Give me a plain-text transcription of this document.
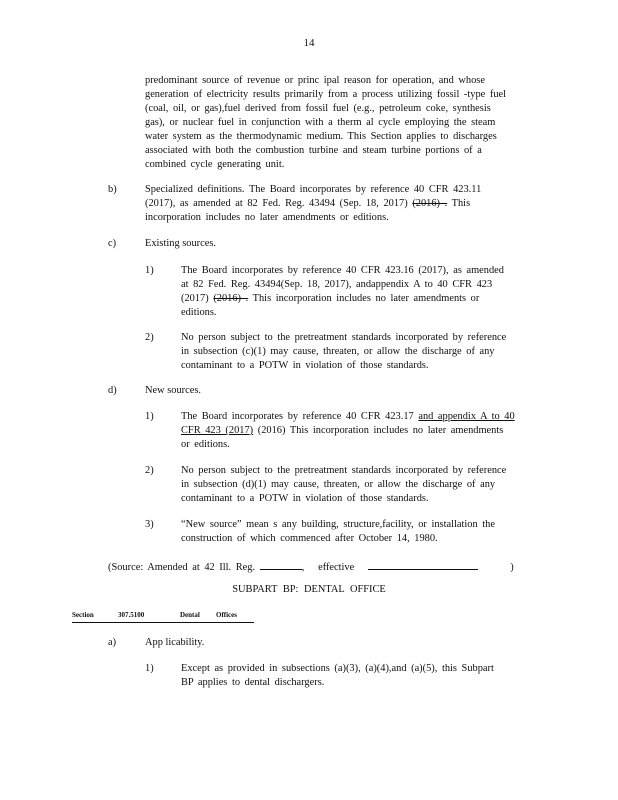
14
predominant source of revenue or princ ipal reason for operation, and whose
generation of electricity results primarily from a process utilizing fossil -type fuel
(coal, oil, or gas),fuel derived from fossil fuel (e.g., petroleum coke, synthesis
gas), or nuclear fuel in conjunction with a therm al cycle employing the steam
water system as the thermodynamic medium. This Section applies to discharges
associated with both the combustion turbine and steam turbine portions of a
combined cycle generating unit.
b)	Specialized definitions. The Board incorporates by reference 40 CFR 423.11
(2017), as amended at 82 Fed. Reg. 43494 (Sep. 18, 2017) (2016) . This
incorporation includes no later amendments or editions.
c)	Existing sources.
1)	The Board incorporates by reference 40 CFR 423.16 (2017), as amended
at 82 Fed. Reg. 43494(Sep. 18, 2017), andappendix A to 40 CFR 423
(2017) (2016) . This incorporation includes no later amendments or
editions.
2)	No person subject to the pretreatment standards incorporated by reference
in subsection (c)(1) may cause, threaten, or allow the discharge of any
contaminant to a POTW in violation of those standards.
d)	New sources.
1)	The Board incorporates by reference 40 CFR 423.17 and appendix A to 40
CFR 423 (2017) (2016) This incorporation includes no later amendments
or editions.
2)	No person subject to the pretreatment standards incorporated by reference
in subsection (d)(1) may cause, threaten, or allow the discharge of any
contaminant to a POTW in violation of those standards.
3)	“New source” mean s any building, structure,facility, or installation the
construction of which commenced after October 14, 1980.
(Source: Amended at 42 Ill. Reg.	,   effective	)
SUBPART BP: DENTAL OFFICE
Section	307.5100	Dental Offices
a)	App licability.
1)	Except as provided in subsections (a)(3), (a)(4),and (a)(5), this Subpart
BP applies to dental dischargers.
